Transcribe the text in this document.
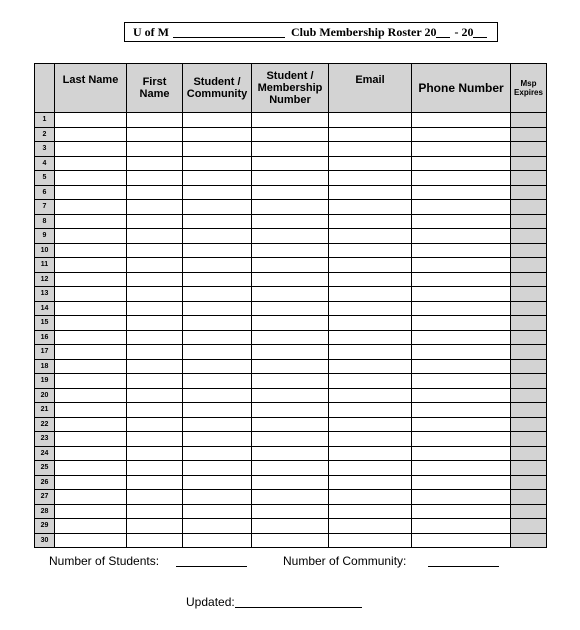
U of M	Club Membership Roster 20 - 20
	Last Name	First Name	Student / Community	Student / Membership Number	Email	Phone Number	Msp Expires
1							
2							
3							
4							
5							
6							
7							
8							
9							
10							
11							
12							
13							
14							
15							
16							
17							
18							
19							
20							
21							
22							
23							
24							
25							
26							
27							
28							
29							
30							
Number of Students:	Number of Community:
Updated:
